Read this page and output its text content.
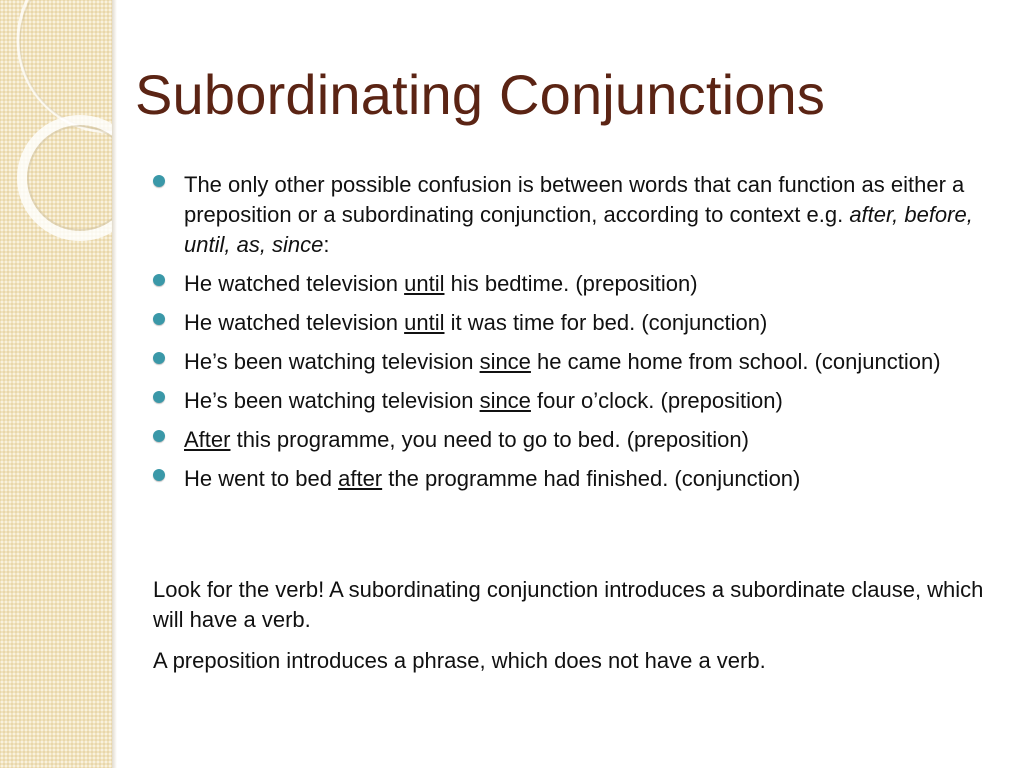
Subordinating Conjunctions
The only other possible confusion is between words that can function as either a preposition or a subordinating conjunction, according to context e.g. after, before, until, as, since:
He watched television until his bedtime. (preposition)
He watched television until it was time for bed. (conjunction)
He’s been watching television since he came home from school. (conjunction)
He’s been watching television since four o’clock. (preposition)
After this programme, you need to go to bed. (preposition)
He went to bed after the programme had finished. (conjunction)

Look for the verb! A subordinating conjunction introduces a subordinate clause, which will have a verb.

A preposition introduces a phrase, which does not have a verb.
